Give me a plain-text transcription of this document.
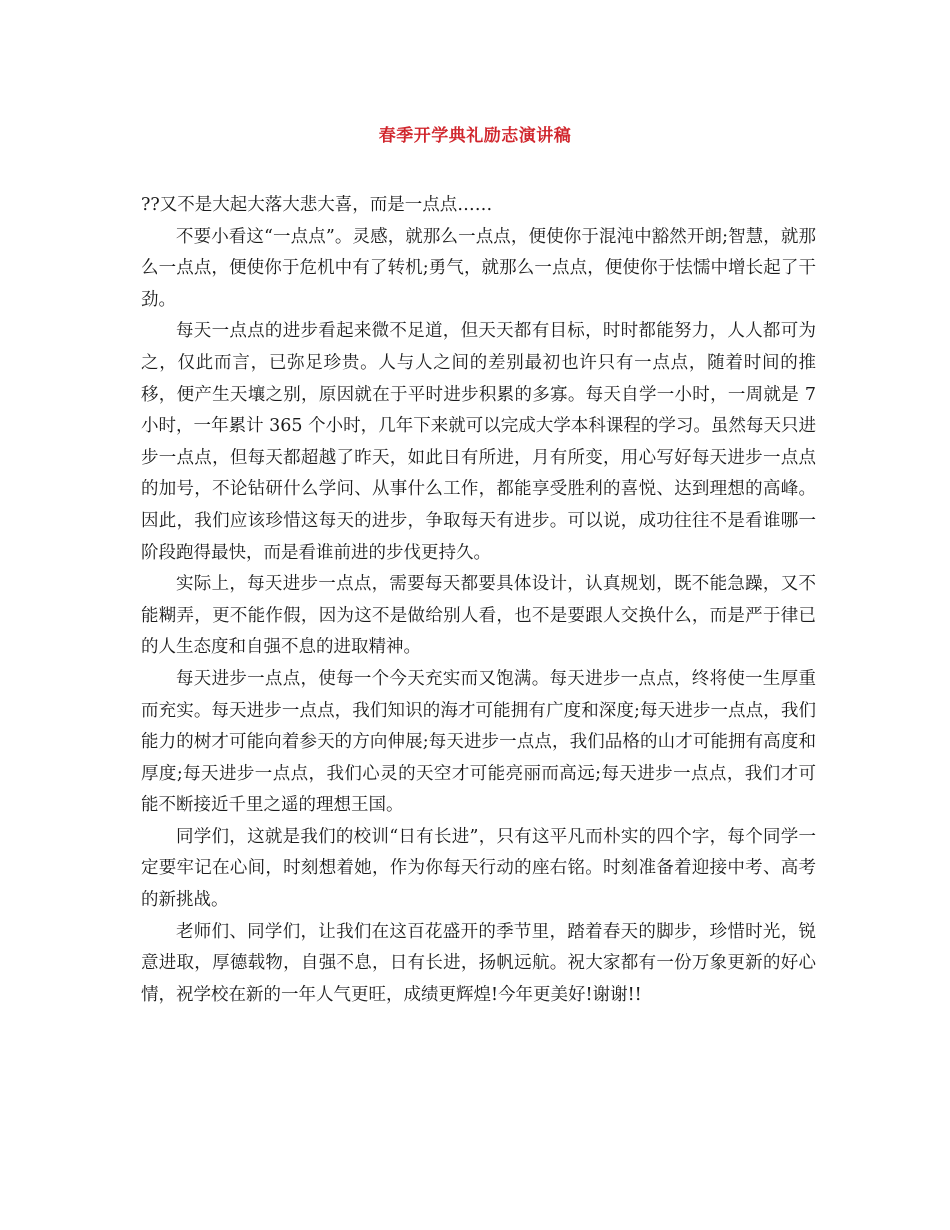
春季开学典礼励志演讲稿

??又不是大起大落大悲大喜，而是一点点……

不要小看这“一点点”。灵感，就那么一点点，便使你于混沌中豁然开朗;智慧，就那么一点点，便使你于危机中有了转机;勇气，就那么一点点，便使你于怯懦中增长起了干劲。

每天一点点的进步看起来微不足道，但天天都有目标，时时都能努力，人人都可为之，仅此而言，已弥足珍贵。人与人之间的差别最初也许只有一点点，随着时间的推移，便产生天壤之别，原因就在于平时进步积累的多寡。每天自学一小时，一周就是 7 小时，一年累计 365 个小时，几年下来就可以完成大学本科课程的学习。虽然每天只进步一点点，但每天都超越了昨天，如此日有所进，月有所变，用心写好每天进步一点点的加号，不论钻研什么学问、从事什么工作，都能享受胜利的喜悦、达到理想的高峰。因此，我们应该珍惜这每天的进步，争取每天有进步。可以说，成功往往不是看谁哪一阶段跑得最快，而是看谁前进的步伐更持久。

实际上，每天进步一点点，需要每天都要具体设计，认真规划，既不能急躁，又不能糊弄，更不能作假，因为这不是做给别人看，也不是要跟人交换什么，而是严于律已的人生态度和自强不息的进取精神。

每天进步一点点，使每一个今天充实而又饱满。每天进步一点点，终将使一生厚重而充实。每天进步一点点，我们知识的海才可能拥有广度和深度;每天进步一点点，我们能力的树才可能向着参天的方向伸展;每天进步一点点，我们品格的山才可能拥有高度和厚度;每天进步一点点，我们心灵的天空才可能亮丽而高远;每天进步一点点，我们才可能不断接近千里之遥的理想王国。

同学们，这就是我们的校训“日有长进”，只有这平凡而朴实的四个字，每个同学一定要牢记在心间，时刻想着她，作为你每天行动的座右铭。时刻准备着迎接中考、高考的新挑战。

老师们、同学们，让我们在这百花盛开的季节里，踏着春天的脚步，珍惜时光，锐意进取，厚德载物，自强不息，日有长进，扬帆远航。祝大家都有一份万象更新的好心情，祝学校在新的一年人气更旺，成绩更辉煌!今年更美好!谢谢!!
